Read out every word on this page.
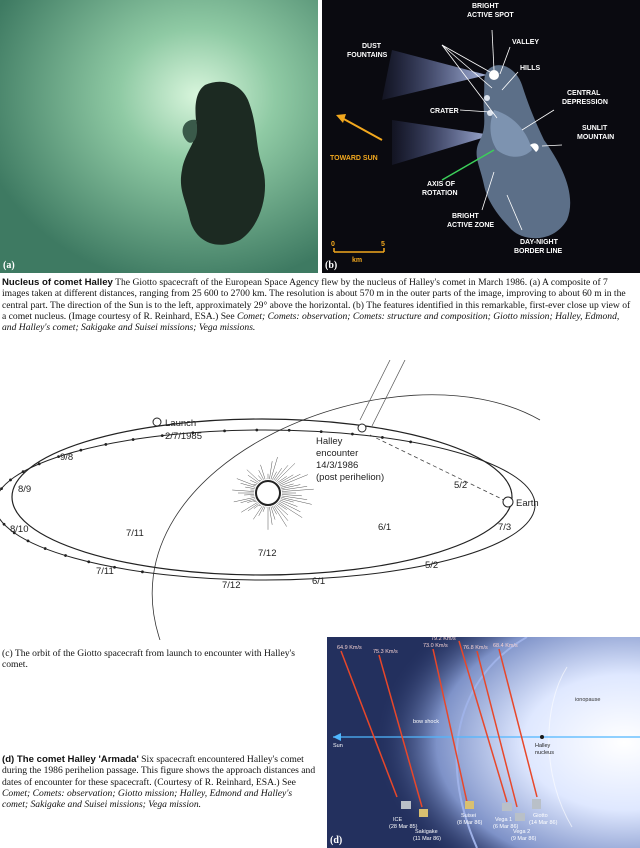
(a)
BRIGHT
ACTIVE SPOT
DUST
FOUNTAINS
VALLEY
HILLS
CENTRAL
DEPRESSION
CRATER
SUNLIT
MOUNTAIN
TOWARD SUN
AXIS OF
ROTATION
BRIGHT
ACTIVE ZONE
DAY-NIGHT
BORDER LINE
0	5
km
(b)
Nucleus of comet Halley The Giotto spacecraft of the European Space Agency flew by the nucleus of Halley's comet in March 1986. (a) A composite of 7 images taken at different distances, ranging from 25 600 to 2700 km. The resolution is about 570 m in the outer parts of the image, improving to about 60 m in the central part. The direction of the Sun is to the left, approximately 29° above the horizontal. (b) The features identified in this remarkable, first-ever close up view of a comet nucleus. (Image courtesy of R. Reinhard, ESA.) See Comet; Comets: observation; Comets: structure and composition; Giotto mission; Halley, Edmond, and Halley's comet; Sakigake and Suisei missions; Vega missions.
Launch
2/7/1985	Halley
encounter
14/3/1986
(post perihelion)
Earth
9/8
8/9
8/10	7/11
7/11
7/12
7/12
6/1
6/1
5/2
5/2
7/3
(c) The orbit of the Giotto spacecraft from launch to encounter with Halley's comet.
(d) The comet Halley 'Armada' Six spacecraft encountered Halley's comet during the 1986 perihelion passage. This figure shows the approach distances and dates of encounter for these spacecraft. (Courtesy of R. Reinhard, ESA.) See Comet; Comets: observation; Giotto mission; Halley, Edmond and Halley's comet; Sakigake and Suisei missions; Vega mission.
64.9 Km/s
75.3 Km/s
73.0 Km/s
79.2 Km/s
76.8 Km/s 68.4 Km/s
Sun
bow shock
ionopause
Halley
nucleus
ICE
(28 Mar 85)
Sakigake
(11 Mar 86)
Suisei
(8 Mar 86) Vega 1
(6 Mar 86)
Vega 2
(9 Mar 86)
Giotto
(14 Mar 86)
(d)
